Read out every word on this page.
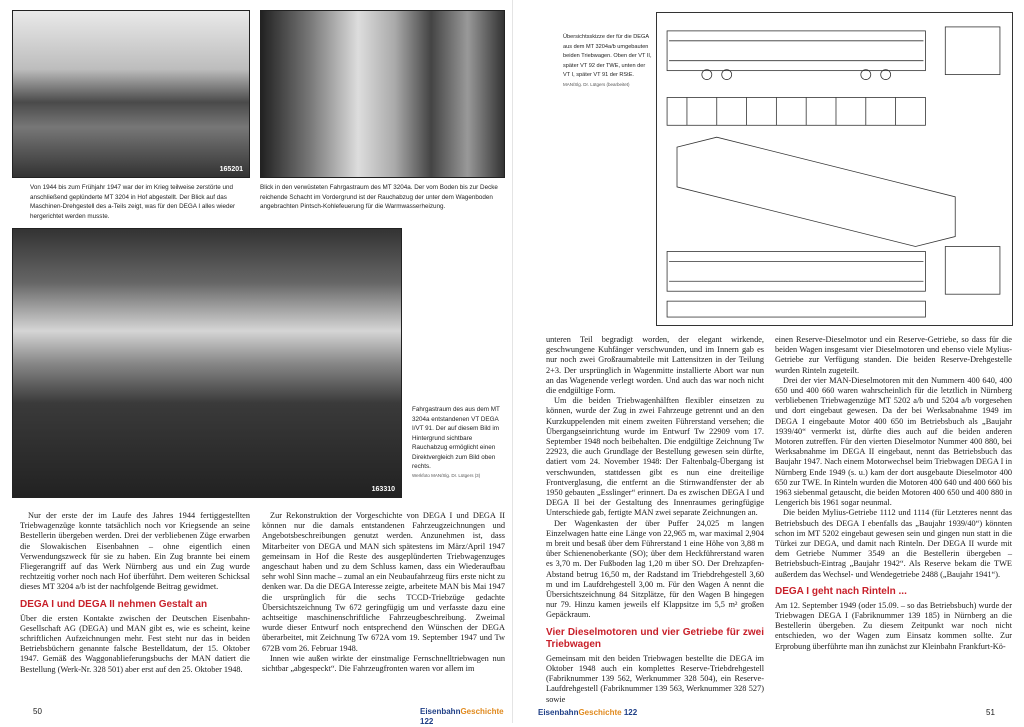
165201
Von 1944 bis zum Frühjahr 1947 war der im Krieg teilweise zerstörte und anschließend geplünderte MT 3204 in Hof abgestellt. Der Blick auf das Maschinen-Drehgestell des a-Teils zeigt, was für den DEGA I alles wieder hergerichtet werden musste.
Blick in den verwüsteten Fahrgastraum des MT 3204a. Der vom Boden bis zur Decke reichende Schacht im Vordergrund ist der Rauchabzug der unter dem Wagenboden angebrachten Pintsch-Kohlefeuerung für die Warmwasserheizung.
163310
Fahrgastraum des aus dem MT 3204a entstandenen VT DEGA I/VT 91. Der auf diesem Bild im Hintergrund sichtbare Rauchabzug ermöglicht einen Direktvergleich zum Bild oben rechts.
Werkfoto MAN/Slg. Dr. Lütgers (3)

Nur der erste der im Laufe des Jahres 1944 fertiggestellten Triebwagenzüge konnte tatsächlich noch vor Kriegsende an seine Bestellerin übergeben werden. Drei der verbliebenen Züge erwarben die Slowakischen Eisenbahnen – ohne eigentlich einen Verwendungszweck für sie zu haben. Ein Zug brannte bei einem Fliegerangriff auf das Werk Nürnberg aus und ein Zug wurde rechtzeitig vorher noch nach Hof überführt. Dem weiteren Schicksal dieses MT 3204 a/b ist der nachfolgende Beitrag gewidmet.

DEGA I und DEGA II nehmen Gestalt an

Über die ersten Kontakte zwischen der Deutschen Eisenbahn-Gesellschaft AG (DEGA) und MAN gibt es, wie es scheint, keine schriftlichen Aufzeichnungen mehr. Fest steht nur das in beiden Betriebsbüchern genannte falsche Bestelldatum, der 15. Oktober 1947. Gemäß des Waggonablieferungsbuchs der MAN datiert die Bestellung (Werk-Nr. 328 501) aber erst auf den 25. Oktober 1948.

Zur Rekonstruktion der Vorgeschichte von DEGA I und DEGA II können nur die damals entstandenen Fahrzeugzeichnungen und Angebotsbeschreibungen genutzt werden. Anzunehmen ist, dass Mitarbeiter von DEGA und MAN sich spätestens im März/April 1947 gemeinsam in Hof die Reste des ausgeplünderten Triebwagenzuges angeschaut haben und zu dem Schluss kamen, dass ein Wiederaufbau sehr wohl Sinn mache – zumal an ein Neubaufahrzeug fürs erste nicht zu denken war. Da die DEGA Interesse zeigte, arbeitete MAN bis Mai 1947 die ursprünglich für die sechs TCCD-Triebzüge gedachte Übersichtszeichnung Tw 672 geringfügig um und verfasste dazu eine achtseitige maschinenschriftliche Fahrzeugbeschreibung. Zweimal wurde dieser Entwurf noch entsprechend den Wünschen der DEGA überarbeitet, mit Zeichnung Tw 672A vom 19. September 1947 und Tw 672B vom 26. Februar 1948.

Innen wie außen wirkte der einstmalige Fernschnelltriebwagen nun sichtbar „abgespeckt“. Die Fahrzeugfronten waren vor allem im

50	EisenbahnGeschichte 122
Übersichtsskizze der für die DEGA aus dem MT 3204a/b umgebauten beiden Triebwagen. Oben der VT II, später VT 92 der TWE, unten der VT I, später VT 91 der RStE.
MAN/Slg. Dr. Lütgers (bearbeitet)

unteren Teil begradigt worden, der elegant wirkende, geschwungene Kuhfänger verschwunden, und im Innern gab es nur noch zwei Großraumabteile mit Lattensitzen in der Teilung 2+3. Der ursprünglich in Wagenmitte installierte Abort war nun an das Wagenende verlegt worden. Und auch das war noch nicht die endgültige Form.

Um die beiden Triebwagenhälften flexibler einsetzen zu können, wurde der Zug in zwei Fahrzeuge getrennt und an den Kurzkuppelenden mit einem zweiten Führerstand versehen; die Übergangseinrichtung wurde im Entwurf Tw 22909 vom 17. September 1948 noch beibehalten. Die endgültige Zeichnung Tw 22923, die auch Grundlage der Bestellung gewesen sein dürfte, datiert vom 24. November 1948: Der Faltenbalg-Übergang ist verschwunden, stattdessen gibt es nun eine dreiteilige Frontverglasung, die entfernt an die Stirnwandfenster der ab 1950 gebauten „Esslinger“ erinnert. Da es zwischen DEGA I und DEGA II bei der Gestaltung des Innenraumes geringfügige Unterschiede gab, fertigte MAN zwei separate Zeichnungen an.

Der Wagenkasten der über Puffer 24,025 m langen Einzelwagen hatte eine Länge von 22,965 m, war maximal 2,904 m breit und besaß über dem Führerstand 1 eine Höhe von 3,88 m über Schienenoberkante (SO); über dem Heckführerstand waren es 3,70 m. Der Fußboden lag 1,20 m über SO. Der Drehzapfen-Abstand betrug 16,50 m, der Radstand im Triebdrehgestell 3,60 m und im Laufdrehgestell 3,00 m. Für den Wagen A nennt die Übersichtszeichnung 84 Sitzplätze, für den Wagen B hingegen nur 79. Hinzu kamen jeweils elf Klappsitze im 5,5 m² großen Gepäckraum.

Vier Dieselmotoren und vier Getriebe für zwei Triebwagen

Gemeinsam mit den beiden Triebwagen bestellte die DEGA im Oktober 1948 auch ein komplettes Reserve-Triebdrehgestell (Fabriknummer 139 562, Werknummer 328 504), ein Reserve-Laufdrehgestell (Fabriknummer 139 563, Werknummer 328 527) sowie

einen Reserve-Dieselmotor und ein Reserve-Getriebe, so dass für die beiden Wagen insgesamt vier Dieselmotoren und ebenso viele Mylius-Getriebe zur Verfügung standen. Die beiden Reserve-Drehgestelle wurden Rinteln zugeteilt.

Drei der vier MAN-Dieselmotoren mit den Nummern 400 640, 400 650 und 400 660 waren wahrscheinlich für die letztlich in Nürnberg verbliebenen Triebwagenzüge MT 5202 a/b und 5204 a/b vorgesehen und dort eingebaut gewesen. Da der bei Werksabnahme 1949 im DEGA I eingebaute Motor 400 650 im Betriebsbuch als „Baujahr 1939/40“ vermerkt ist, dürfte dies auch auf die beiden anderen Motoren zutreffen. Für den vierten Dieselmotor Nummer 400 880, bei Werksabnahme im DEGA II eingebaut, nennt das Betriebsbuch das Baujahr 1947. Nach einem Motorwechsel beim Triebwagen DEGA I in Nürnberg Ende 1949 (s. u.) kam der dort ausgebaute Dieselmotor 400 650 zur TWE. In Rinteln wurden die Motoren 400 640 und 400 660 bis 1963 siebenmal getauscht, die beiden Motoren 400 650 und 400 880 in Lengerich bis 1961 sogar neunmal.

Die beiden Mylius-Getriebe 1112 und 1114 (für Letzteres nennt das Betriebsbuch des DEGA I ebenfalls das „Baujahr 1939/40“) könnten schon im MT 5202 eingebaut gewesen sein und gingen nun statt in die Türkei zur DEGA, und damit nach Rinteln. Der DEGA II wurde mit dem Getriebe Nummer 3549 an die Bestellerin übergeben – Betriebsbuch-Eintrag „Baujahr 1942“. Als Reserve bekam die TWE außerdem das Wechsel- und Wendegetriebe 2488 („Baujahr 1941“).

DEGA I geht nach Rinteln ...

Am 12. September 1949 (oder 15.09. – so das Betriebsbuch) wurde der Triebwagen DEGA I (Fabriknummer 139 185) in Nürnberg an die Bestellerin übergeben. Zu diesem Zeitpunkt war noch nicht entschieden, wo der Wagen zum Einsatz kommen sollte. Zur Erprobung überführte man ihn zunächst zur Kleinbahn Frankfurt-Kö-

EisenbahnGeschichte 122	51
